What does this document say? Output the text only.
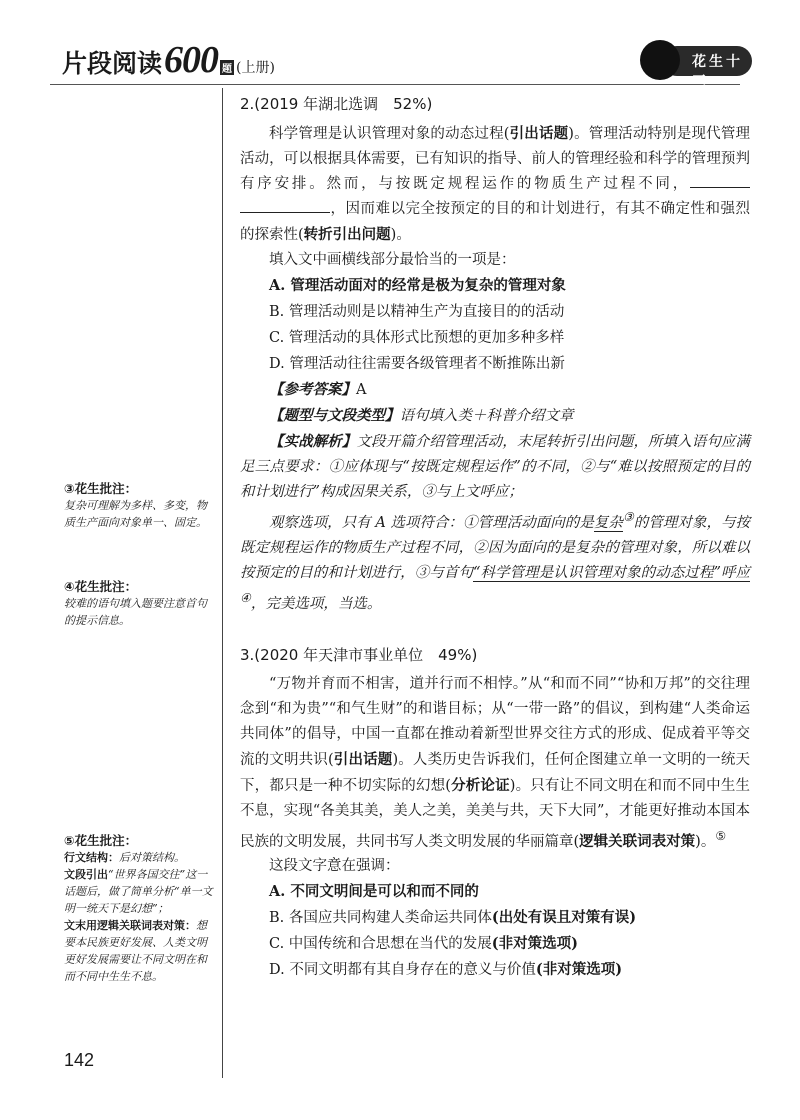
片段阅读 600 题 (上册)	花生十三
2.(2019 年湖北选调　52%)

科学管理是认识管理对象的动态过程(引出话题)。管理活动特别是现代管理活动，可以根据具体需要，已有知识的指导、前人的管理经验和科学的管理预判有序安排。然而，与按既定规程运作的物质生产过程不同，　，因而难以完全按预定的目的和计划进行，有其不确定性和强烈的探索性(转折引出问题)。

填入文中画横线部分最恰当的一项是：

A. 管理活动面对的经常是极为复杂的管理对象

B. 管理活动则是以精神生产为直接目的的活动

C. 管理活动的具体形式比预想的更加多种多样

D. 管理活动往往需要各级管理者不断推陈出新

【参考答案】A

【题型与文段类型】语句填入类＋科普介绍文章

【实战解析】文段开篇介绍管理活动，末尾转折引出问题，所填入语句应满足三点要求：①应体现与“按既定规程运作”的不同，②与“难以按照预定的目的和计划进行”构成因果关系，③与上文呼应；

观察选项，只有 A 选项符合：①管理活动面向的是复杂③的管理对象，与按既定规程运作的物质生产过程不同，②因为面向的是复杂的管理对象，所以难以按预定的目的和计划进行，③与首句“科学管理是认识管理对象的动态过程”呼应④，完美选项，当选。

3.(2020 年天津市事业单位　49%)

“万物并育而不相害，道并行而不相悖。”从“和而不同”“协和万邦”的交往理念到“和为贵”“和气生财”的和谐目标；从“一带一路”的倡议，到构建“人类命运共同体”的倡导，中国一直都在推动着新型世界交往方式的形成、促成着平等交流的文明共识(引出话题)。人类历史告诉我们，任何企图建立单一文明的一统天下，都只是一种不切实际的幻想(分析论证)。只有让不同文明在和而不同中生生不息，实现“各美其美，美人之美，美美与共，天下大同”，才能更好推动本国本民族的文明发展，共同书写人类文明发展的华丽篇章(逻辑关联词表对策)。⑤

这段文字意在强调：

A. 不同文明间是可以和而不同的

B. 各国应共同构建人类命运共同体(出处有误且对策有误)

C. 中国传统和合思想在当代的发展(非对策选项)

D. 不同文明都有其自身存在的意义与价值(非对策选项)

③花生批注：
复杂可理解为多样、多变，物质生产面向对象单一、固定。
④花生批注：
较难的语句填入题要注意首句的提示信息。
⑤花生批注：
行文结构：后对策结构。
文段引出“世界各国交往”这一话题后，做了简单分析“单一文明一统天下是幻想”；
文末用逻辑关联词表对策：想要本民族更好发展、人类文明更好发展需要让不同文明在和而不同中生生不息。
142
